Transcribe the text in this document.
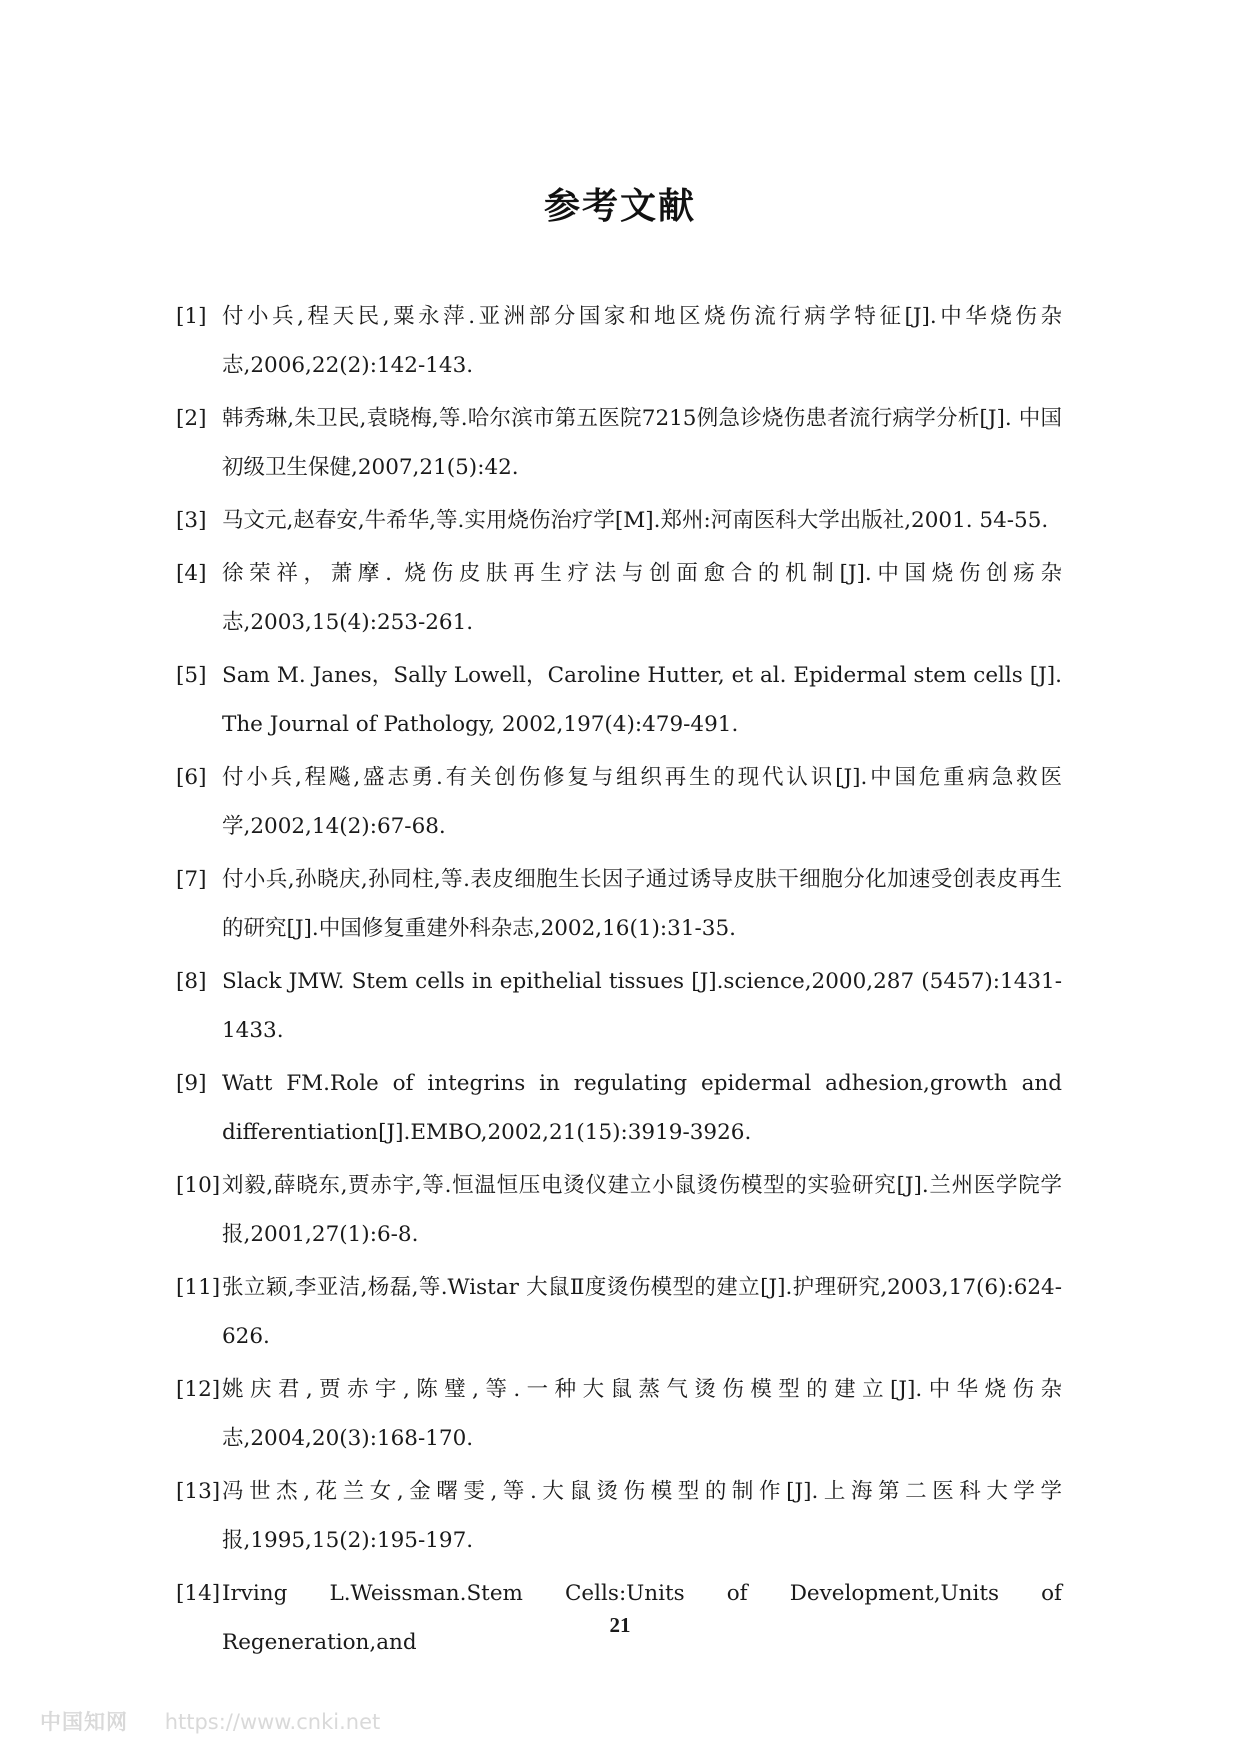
参考文献
[1] 付小兵,程天民,粟永萍.亚洲部分国家和地区烧伤流行病学特征[J].中华烧伤杂志,2006,22(2):142-143.
[2] 韩秀琳,朱卫民,袁晓梅,等.哈尔滨市第五医院7215例急诊烧伤患者流行病学分析[J]. 中国初级卫生保健,2007,21(5):42.
[3] 马文元,赵春安,牛希华,等.实用烧伤治疗学[M].郑州:河南医科大学出版社,2001. 54-55.
[4] 徐荣祥，萧摩. 烧伤皮肤再生疗法与创面愈合的机制[J].中国烧伤创疡杂志,2003,15(4):253-261.
[5] Sam M. Janes，Sally Lowell，Caroline Hutter, et al. Epidermal stem cells [J]. The Journal of Pathology, 2002,197(4):479-491.
[6] 付小兵,程飚,盛志勇.有关创伤修复与组织再生的现代认识[J].中国危重病急救医学,2002,14(2):67-68.
[7] 付小兵,孙晓庆,孙同柱,等.表皮细胞生长因子通过诱导皮肤干细胞分化加速受创表皮再生的研究[J].中国修复重建外科杂志,2002,16(1):31-35.
[8] Slack JMW. Stem cells in epithelial tissues [J].science,2000,287 (5457):1431-1433.
[9] Watt FM.Role of integrins in regulating epidermal adhesion,growth and differentiation[J].EMBO,2002,21(15):3919-3926.
[10] 刘毅,薛晓东,贾赤宇,等.恒温恒压电烫仪建立小鼠烫伤模型的实验研究[J].兰州医学院学报,2001,27(1):6-8.
[11] 张立颖,李亚洁,杨磊,等.Wistar 大鼠Ⅱ度烫伤模型的建立[J].护理研究,2003,17(6):624-626.
[12] 姚庆君,贾赤宇,陈璧,等.一种大鼠蒸气烫伤模型的建立[J].中华烧伤杂志,2004,20(3):168-170.
[13] 冯世杰,花兰女,金曙雯,等.大鼠烫伤模型的制作[J].上海第二医科大学学报,1995,15(2):195-197.
[14] Irving L.Weissman.Stem Cells:Units of Development,Units of Regeneration,and
21
中国知网 https://www.cnki.net
